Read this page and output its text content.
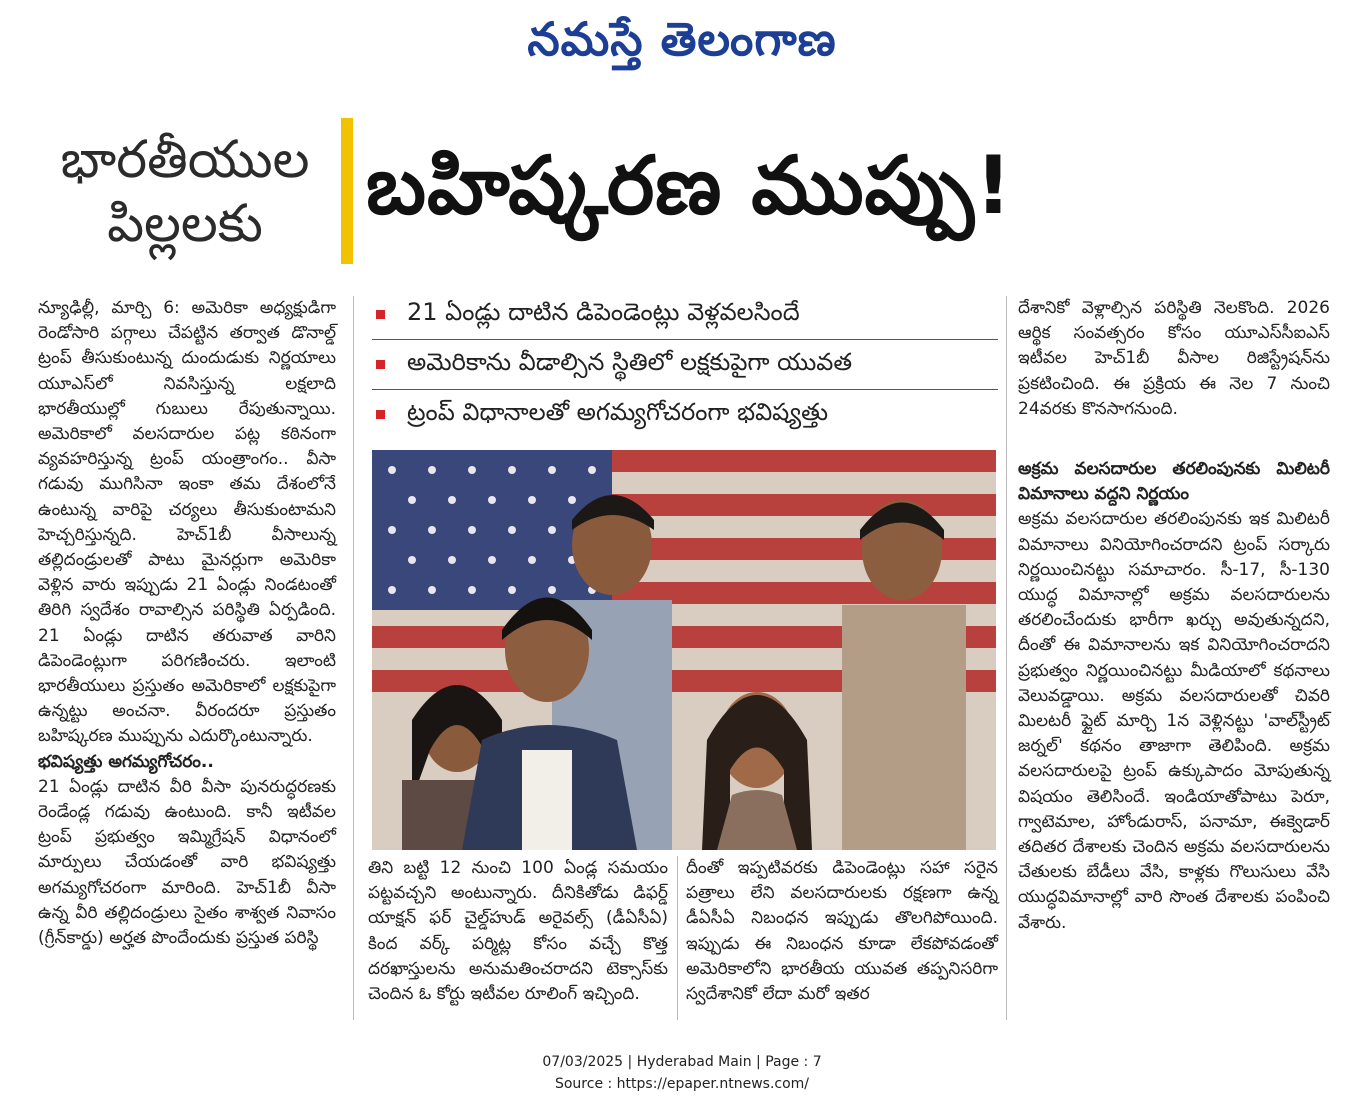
నమస్తే తెలంగాణ
భారతీయుల
పిల్లలకు	బహిష్కరణ ముప్పు!

న్యూఢిల్లీ, మార్చి 6: అమెరికా అధ్యక్షుడిగా రెండోసారి పగ్గాలు చేపట్టిన తర్వాత డొనాల్డ్ ట్రంప్ తీసుకుంటున్న దుందుడుకు నిర్ణయాలు యూఎస్‌లో నివసిస్తున్న లక్షలాది భారతీయుల్లో గుబులు రేపుతున్నాయి. అమెరికాలో వలసదారుల పట్ల కఠినంగా వ్యవహరిస్తున్న ట్రంప్ యంత్రాంగం.. వీసా గడువు ముగిసినా ఇంకా తమ దేశంలోనే ఉంటున్న వారిపై చర్యలు తీసుకుంటామని హెచ్చరిస్తున్నది. హెచ్‌1బీ వీసాలున్న తల్లిదండ్రులతో పాటు మైనర్లుగా అమెరికా వెళ్లిన వారు ఇప్పుడు 21 ఏండ్లు నిండటంతో తిరిగి స్వదేశం రావాల్సిన పరిస్థితి ఏర్పడింది. 21 ఏండ్లు దాటిన తరువాత వారిని డిపెండెంట్లుగా పరిగణించరు. ఇలాంటి భారతీయులు ప్రస్తుతం అమెరికాలో లక్షకుపైగా ఉన్నట్టు అంచనా. వీరందరూ ప్రస్తుతం బహిష్కరణ ముప్పును ఎదుర్కొంటున్నారు.

భవిష్యత్తు అగమ్యగోచరం..

21 ఏండ్లు దాటిన వీరి వీసా పునరుద్ధరణకు రెండేండ్ల గడువు ఉంటుంది. కానీ ఇటీవల ట్రంప్ ప్రభుత్వం ఇమ్మిగ్రేషన్ విధానంలో మార్పులు చేయడంతో వారి భవిష్యత్తు అగమ్యగోచరంగా మారింది. హెచ్‌1బీ వీసా ఉన్న వీరి తల్లిదండ్రులు సైతం శాశ్వత నివాసం (గ్రీన్‌కార్డు) అర్హత పొందేందుకు ప్రస్తుత పరిస్థి

21 ఏండ్లు దాటిన డిపెండెంట్లు వెళ్లవలసిందే
అమెరికాను వీడాల్సిన స్థితిలో లక్షకుపైగా యువత
ట్రంప్ విధానాలతో అగమ్యగోచరంగా భవిష్యత్తు

తిని బట్టి 12 నుంచి 100 ఏండ్ల సమయం పట్టవచ్చని అంటున్నారు. దీనికితోడు డిఫర్డ్ యాక్షన్ ఫర్ చైల్డ్‌హుడ్ అరైవల్స్ (డీఏసీఏ) కింద వర్క్ పర్మిట్ల కోసం వచ్చే కొత్త దరఖాస్తులను అనుమతించరాదని టెక్సాస్‌కు చెందిన ఓ కోర్టు ఇటీవల రూలింగ్ ఇచ్చింది.

దీంతో ఇప్పటివరకు డిపెండెంట్లు సహా సరైన పత్రాలు లేని వలసదారులకు రక్షణగా ఉన్న డీఏసీఏ నిబంధన ఇప్పుడు తొలగిపోయింది. ఇప్పుడు ఈ నిబంధన కూడా లేకపోవడంతో అమెరికాలోని భారతీయ యువత తప్పనిసరిగా స్వదేశానికో లేదా మరో ఇతర

దేశానికో వెళ్లాల్సిన పరిస్థితి నెలకొంది. 2026 ఆర్థిక సంవత్సరం కోసం యూఎస్‌సీఐఎస్ ఇటీవల హెచ్‌1బీ వీసాల రిజిస్ట్రేషన్‌ను ప్రకటించింది. ఈ ప్రక్రియ ఈ నెల 7 నుంచి 24వరకు కొనసాగనుంది.

అక్రమ వలసదారుల తరలింపునకు మిలిటరీ విమానాలు వద్దని నిర్ణయం

అక్రమ వలసదారుల తరలింపునకు ఇక మిలిటరీ విమానాలు వినియోగించరాదని ట్రంప్ సర్కారు నిర్ణయించినట్టు సమాచారం. సీ-17, సీ-130 యుద్ధ విమానాల్లో అక్రమ వలసదారులను తరలించేందుకు భారీగా ఖర్చు అవుతున్నదని, దీంతో ఈ విమానాలను ఇక వినియోగించరాదని ప్రభుత్వం నిర్ణయించినట్టు మీడియాలో కథనాలు వెలువడ్డాయి. అక్రమ వలసదారులతో చివరి మిలటరీ ఫ్లైట్ మార్చి 1న వెళ్లినట్టు 'వాల్‌స్ట్రీట్ జర్నల్' కథనం తాజాగా తెలిపింది. అక్రమ వలసదారులపై ట్రంప్ ఉక్కుపాదం మోపుతున్న విషయం తెలిసిందే. ఇండియాతోపాటు పెరూ, గ్వాటెమాల, హోండురాస్, పనామా, ఈక్వెడార్ తదితర దేశాలకు చెందిన అక్రమ వలసదారులను చేతులకు బేడీలు వేసి, కాళ్లకు గొలుసులు వేసి యుద్ధవిమానాల్లో వారి సొంత దేశాలకు పంపించి వేశారు.

07/03/2025 | Hyderabad Main | Page : 7
Source : https://epaper.ntnews.com/
